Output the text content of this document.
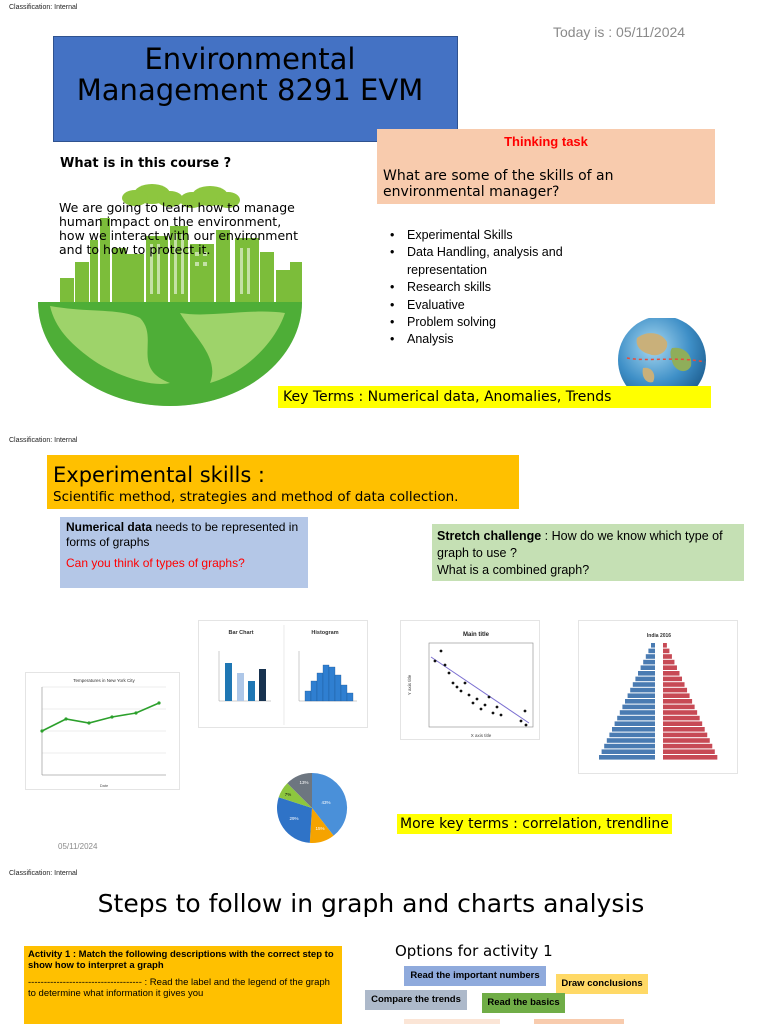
Classification: Internal
Today is : 05/11/2024
Environmental Management 8291 EVM
Thinking task
What are some of the skills of an environmental manager?
What is in this course ?
We are going to learn how to manage human impact on the environment, how we interact with our environment and to how to protect it.
• Experimental Skills
• Data Handling, analysis and representation
• Research skills
• Evaluative
• Problem solving
• Analysis
Key Terms : Numerical data, Anomalies, Trends
Classification: Internal
Experimental skills :
Scientific method, strategies and method of data collection.
Numerical data needs to be represented in forms of graphs
Can you think of types of graphs?
Stretch challenge : How do we know which type of graph to use ?
What is a combined graph?
Temperatures in New York City
Date
Bar Chart	Histogram	Main title
X axis title
Y axis title
India 2016
43%
15%
29%
7%
13%
More key terms : correlation, trendline
05/11/2024
Classification: Internal
Steps to follow in graph and charts analysis
Activity 1 : Match the following descriptions with the correct step to show how to interpret a graph
------------------------------------ : Read the label and the legend of the graph to determine what information it gives you
Options for activity 1
Read the important numbers
Draw conclusions
Compare the trends	Read the basics
